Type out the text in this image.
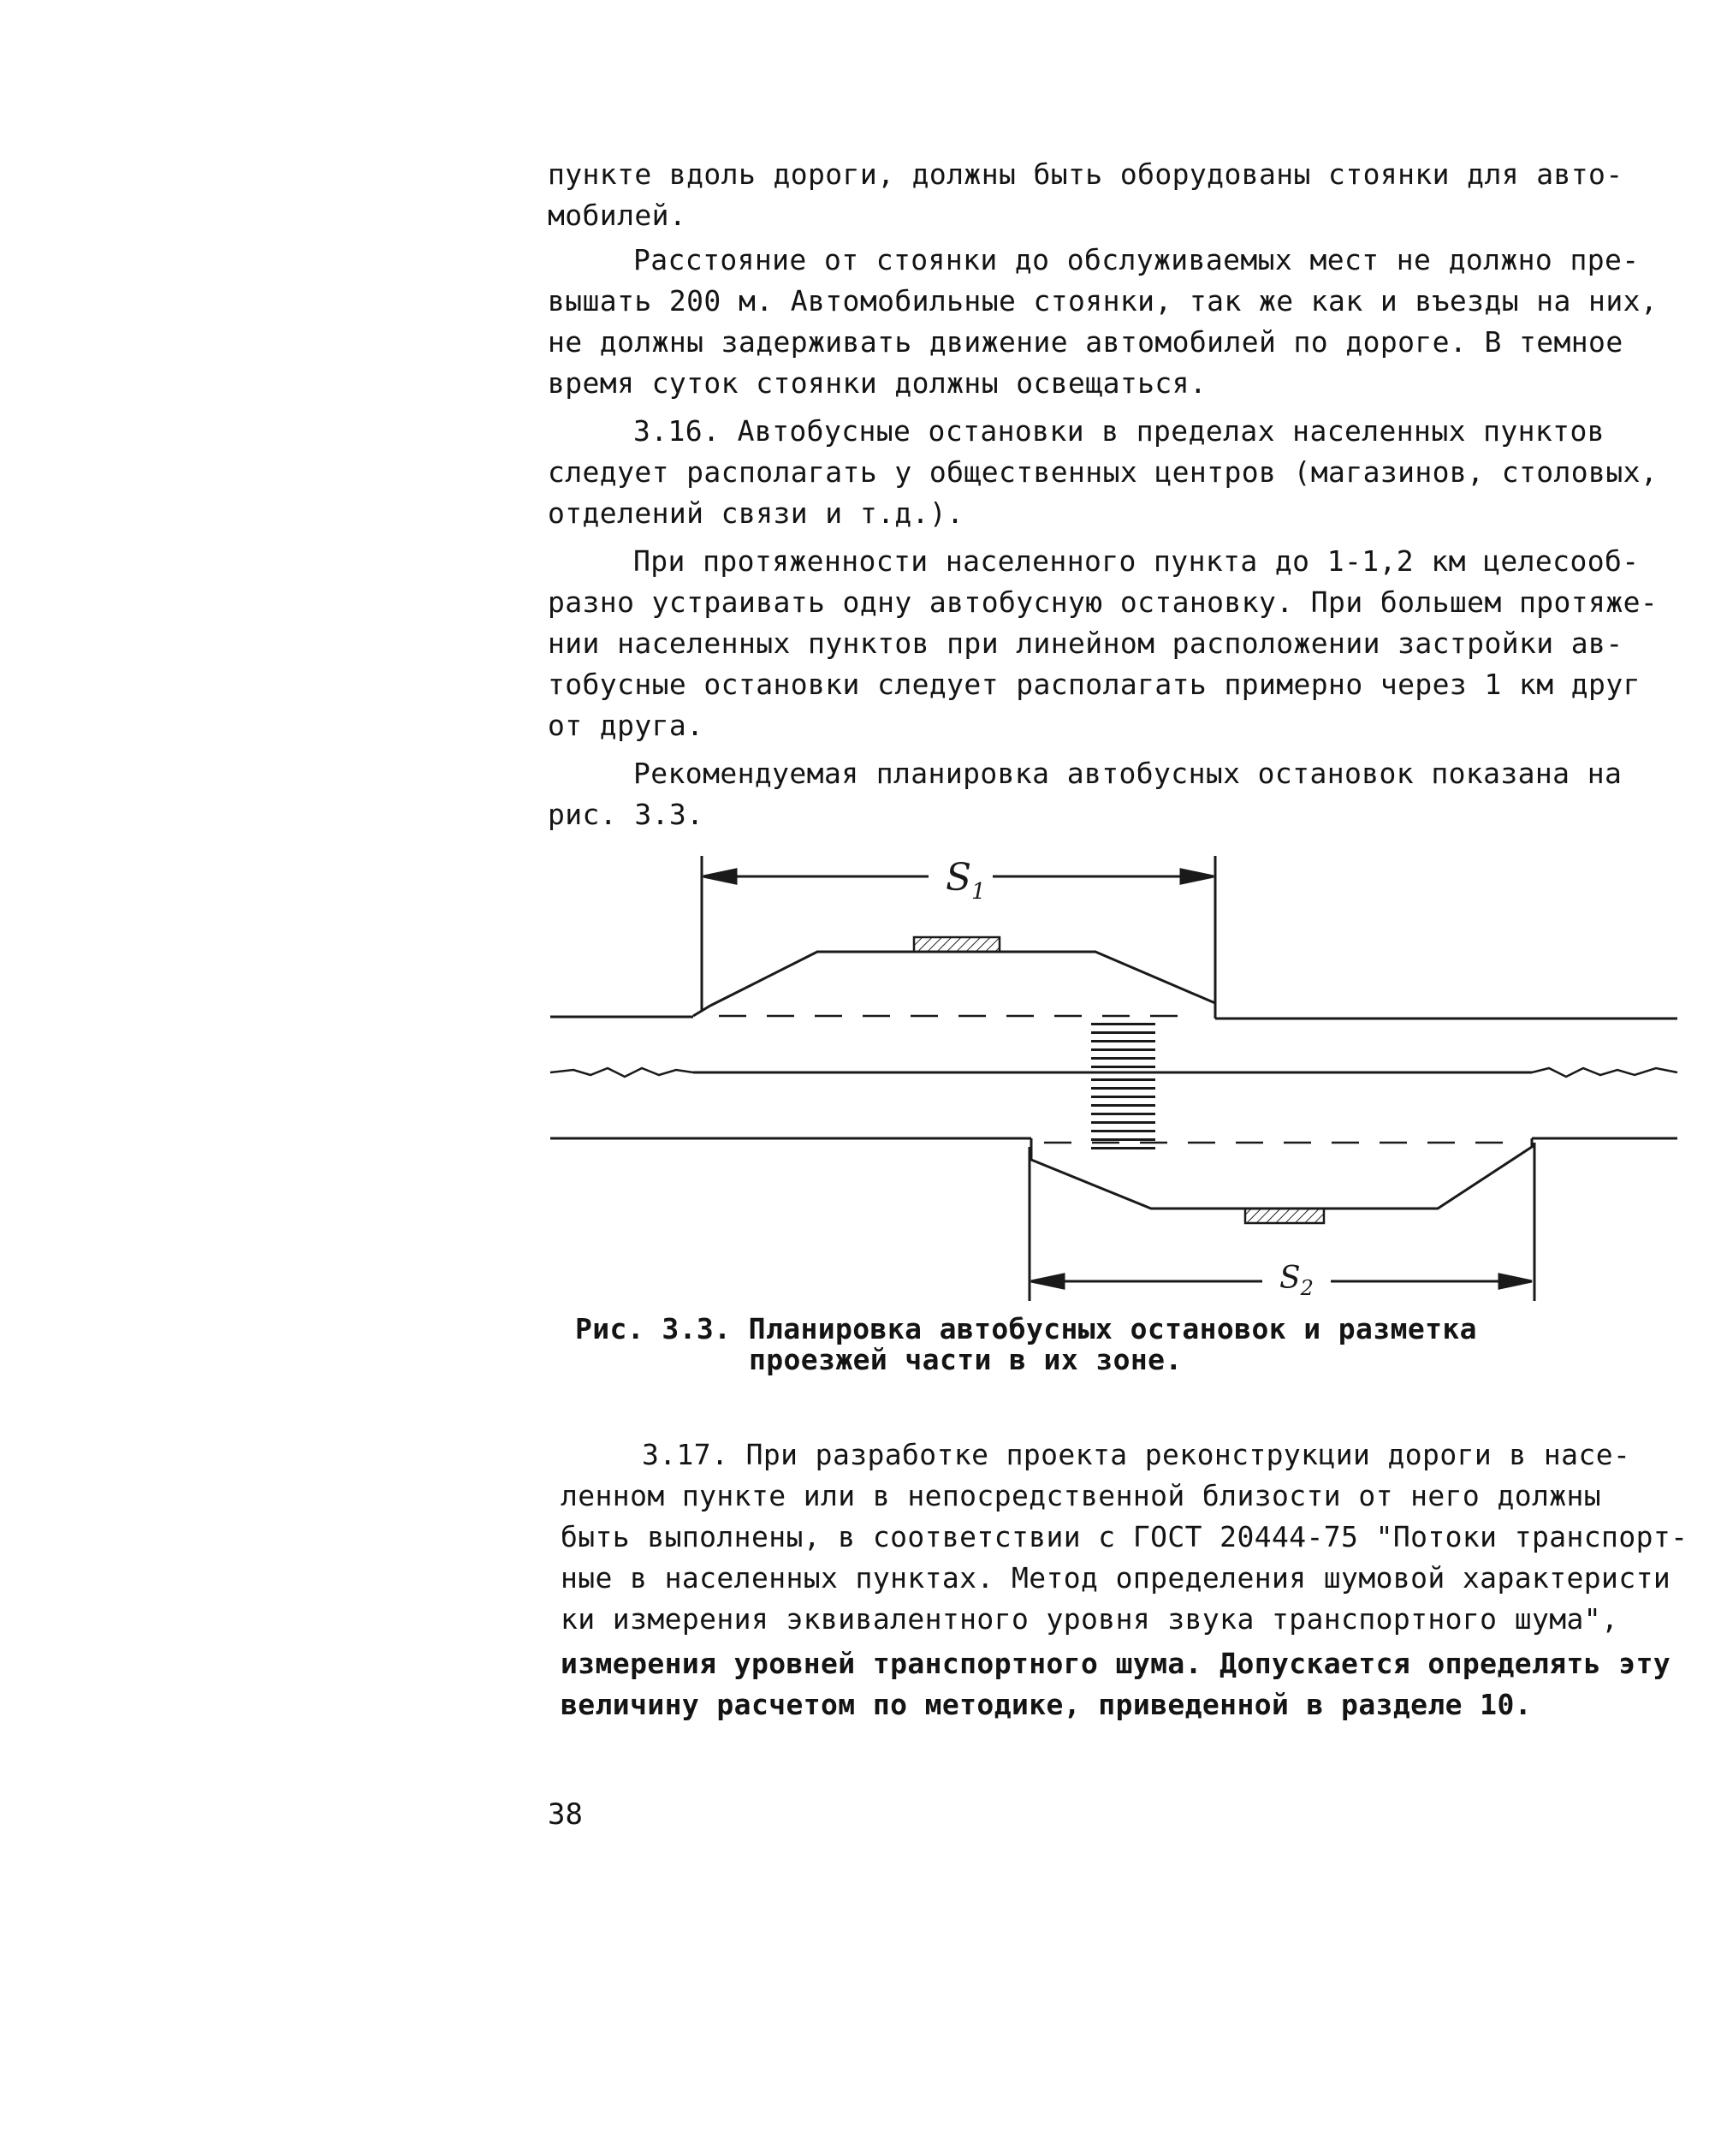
пункте вдоль дороги, должны быть оборудованы стоянки для авто-
мобилей.
Расстояние от стоянки до обслуживаемых мест не должно пре-
вышать 200 м. Автомобильные стоянки, так же как и въезды на них,
не должны задерживать движение автомобилей по дороге. В темное
время суток стоянки должны освещаться.
3.16. Автобусные остановки в пределах населенных пунктов
следует располагать у общественных центров (магазинов, столовых,
отделений связи и т.д.).
При протяженности населенного пункта до 1-1,2 км целесооб-
разно устраивать одну автобусную остановку. При большем протяже-
нии населенных пунктов при линейном расположении застройки ав-
тобусные остановки следует располагать примерно через 1 км друг
от друга.
Рекомендуемая планировка автобусных остановок показана на
рис. 3.3.
$S_1$
$S_2$
Рис. 3.3. Планировка автобусных остановок и разметка
проезжей части в их зоне.
3.17. При разработке проекта реконструкции дороги в насе-
ленном пункте или в непосредственной близости от него должны
быть выполнены, в соответствии с ГОСТ 20444-75 "Потоки транспорт-
ные в населенных пунктах. Метод определения шумовой характеристи
ки измерения эквивалентного уровня звука транспортного шума",
измерения уровней транспортного шума. Допускается определять эту
величину расчетом по методике, приведенной в разделе 10.
38
